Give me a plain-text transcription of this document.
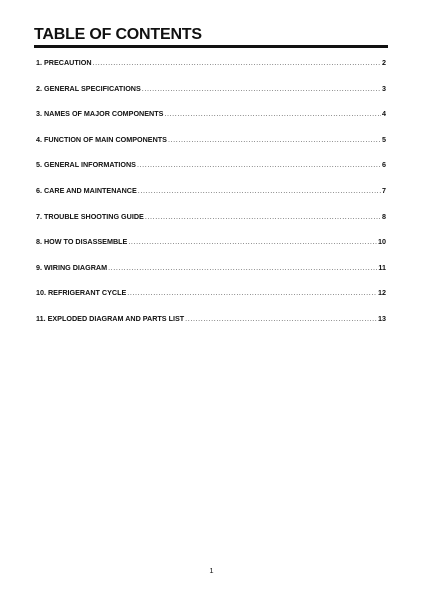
TABLE OF CONTENTS
1. PRECAUTION .....	2
2. GENERAL SPECIFICATIONS .....	3
3. NAMES OF MAJOR COMPONENTS .....	4
4. FUNCTION OF MAIN COMPONENTS .....	5
5. GENERAL INFORMATIONS .....	6
6. CARE AND MAINTENANCE .....	7
7. TROUBLE SHOOTING GUIDE .....	8
8. HOW TO DISASSEMBLE .....	10
9. WIRING DIAGRAM .....	11
10. REFRIGERANT CYCLE .....	12
11. EXPLODED DIAGRAM AND PARTS LIST .....	13
1
